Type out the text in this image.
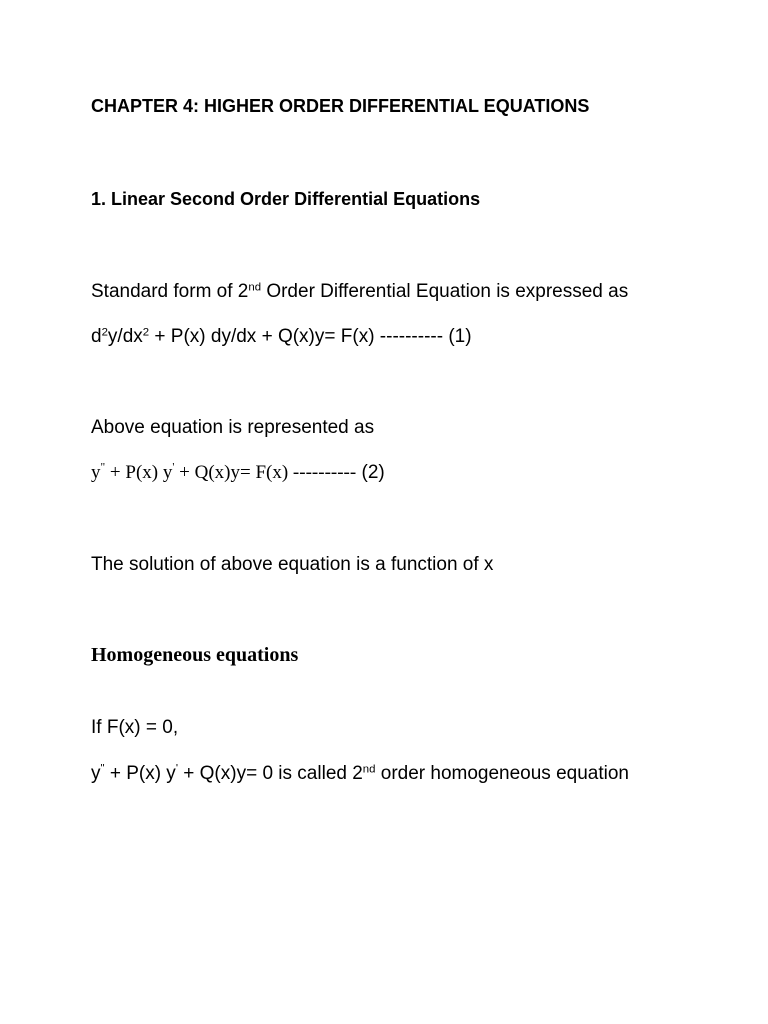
CHAPTER 4: HIGHER ORDER DIFFERENTIAL EQUATIONS
1. Linear Second Order Differential Equations
Standard form of 2nd Order Differential Equation is expressed as
$d^2y/dx^2 + P(x) dy/dx + Q(x)y= F(x)$ ---------- (1)
Above equation is represented as
y" + P(x) y' + Q(x)y= F(x) ---------- (2)
The solution of above equation is a function of x
Homogeneous equations
If F(x) = 0,
y" + P(x) y' + Q(x)y= 0 is called 2nd order homogeneous equation
